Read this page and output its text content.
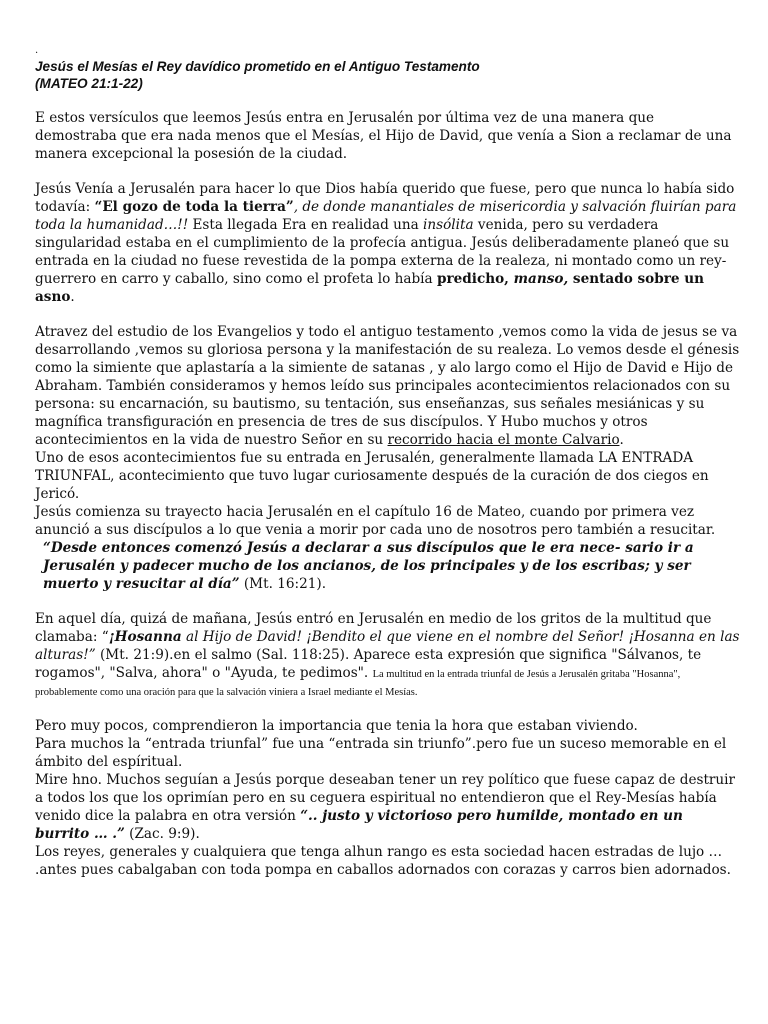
.

Jesús el Mesías el Rey davídico prometido en el Antiguo Testamento
(MATEO 21:1-22)

E estos versículos que leemos Jesús entra en Jerusalén por última vez de una manera que demostraba que era nada menos que el Mesías, el Hijo de David, que venía a Sion a reclamar de una manera excepcional la posesión de la ciudad.

Jesús Venía a Jerusalén para hacer lo que Dios había querido que fuese, pero que nunca lo había sido todavía: “El gozo de toda la tierra”, de donde manantiales de misericordia y salvación fluirían para toda la humanidad…!! Esta llegada Era en realidad una insólita venida, pero su verdadera singularidad estaba en el cumplimiento de la profecía antigua. Jesús deliberadamente planeó que su entrada en la ciudad no fuese revestida de la pompa externa de la realeza, ni montado como un rey-guerrero en carro y caballo, sino como el profeta lo había predicho, manso, sentado sobre un asno.

Atravez del estudio de los Evangelios y todo el antiguo testamento ,vemos como la vida de jesus se va desarrollando ,vemos su gloriosa persona y la manifestación de su realeza. Lo vemos desde el génesis como la simiente que aplastaría a la simiente de satanas , y alo largo como el Hijo de David e Hijo de Abraham. También consideramos y hemos leído sus principales acontecimientos relacionados con su persona: su encarnación, su bautismo, su tentación, sus enseñanzas, sus señales mesiánicas y su magnífica transfiguración en presencia de tres de sus discípulos. Y Hubo muchos y otros acontecimientos en la vida de nuestro Señor en su recorrido hacia el monte Calvario.

Uno de esos acontecimientos fue su entrada en Jerusalén, generalmente llamada LA ENTRADA TRIUNFAL, acontecimiento que tuvo lugar curiosamente después de la curación de dos ciegos en Jericó.

Jesús comienza su trayecto hacia Jerusalén en el capítulo 16 de Mateo, cuando por primera vez anunció a sus discípulos a lo que venia a morir por cada uno de nosotros pero también a resucitar.

“Desde entonces comenzó Jesús a declarar a sus discípulos que le era nece- sario ir a Jerusalén y padecer mucho de los ancianos, de los principales y de los escribas; y ser muerto y resucitar al día” (Mt. 16:21).

En aquel día, quizá de mañana, Jesús entró en Jerusalén en medio de los gritos de la multitud que clamaba: “¡Hosanna al Hijo de David! ¡Bendito el que viene en el nombre del Señor! ¡Hosanna en las alturas!” (Mt. 21:9).en el salmo (Sal. 118:25). Aparece esta expresión que significa "Sálvanos, te rogamos", "Salva, ahora" o "Ayuda, te pedimos". La multitud en la entrada triunfal de Jesús a Jerusalén gritaba "Hosanna", probablemente como una oración para que la salvación viniera a Israel mediante el Mesías.

Pero muy pocos, comprendieron la importancia que tenia la hora que estaban viviendo.

Para muchos la “entrada triunfal” fue una “entrada sin triunfo”.pero fue un suceso memorable en el ámbito del espíritual.

Mire hno. Muchos seguían a Jesús porque deseaban tener un rey político que fuese capaz de destruir a todos los que los oprimían pero en su ceguera espiritual no entendieron que el Rey-Mesías había venido dice la palabra en otra versión “.. justo y victorioso pero humilde, montado en un burrito … .” (Zac. 9:9).

Los reyes, generales y cualquiera que tenga alhun rango es esta sociedad hacen estradas de lujo … .antes pues cabalgaban con toda pompa en caballos adornados con corazas y carros bien adornados.
